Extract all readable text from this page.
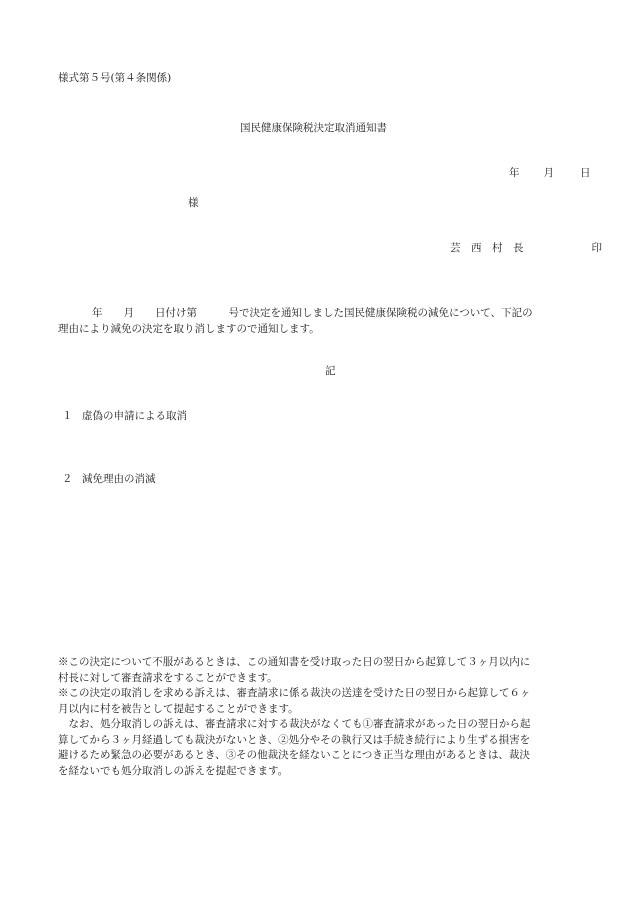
様式第５号(第４条関係)
国民健康保険税決定取消通知書
年 月 日
様
芸　西　村　長	印
年　　月　　日付け第　　　号で決定を通知しました国民健康保険税の減免について、下記の
理由により減免の決定を取り消しますので通知します。
記
１ 虚偽の申請による取消
２ 減免理由の消滅
※この決定について不服があるときは、この通知書を受け取った日の翌日から起算して３ヶ月以内に
村長に対して審査請求をすることができます。
※この決定の取消しを求める訴えは、審査請求に係る裁決の送達を受けた日の翌日から起算して６ヶ
月以内に村を被告として提起することができます。
　なお、処分取消しの訴えは、審査請求に対する裁決がなくても①審査請求があった日の翌日から起
算してから３ヶ月経過しても裁決がないとき、②処分やその執行又は手続き続行により生ずる損害を
避けるため緊急の必要があるとき、③その他裁決を経ないことにつき正当な理由があるときは、裁決
を経ないでも処分取消しの訴えを提起できます。
